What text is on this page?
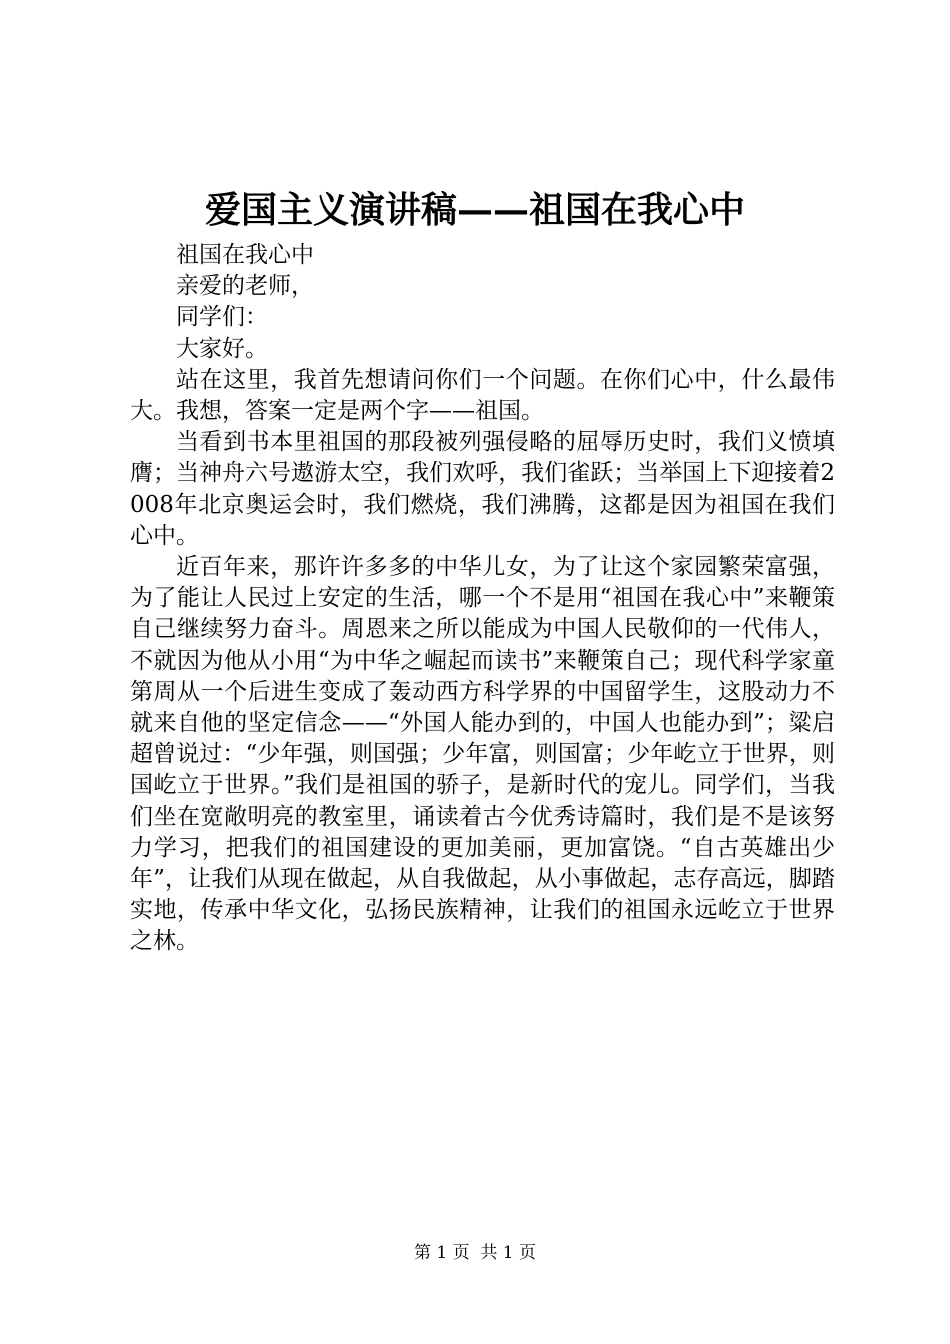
爱国主义演讲稿——祖国在我心中

祖国在我心中

亲爱的老师，

同学们：

大家好。

站在这里，我首先想请问你们一个问题。在你们心中，什么最伟大。我想，答案一定是两个字——祖国。

当看到书本里祖国的那段被列强侵略的屈辱历史时，我们义愤填膺；当神舟六号遨游太空，我们欢呼，我们雀跃；当举国上下迎接着2008年北京奥运会时，我们燃烧，我们沸腾，这都是因为祖国在我们心中。

近百年来，那许许多多的中华儿女，为了让这个家园繁荣富强，为了能让人民过上安定的生活，哪一个不是用“祖国在我心中”来鞭策自己继续努力奋斗。周恩来之所以能成为中国人民敬仰的一代伟人，不就因为他从小用“为中华之崛起而读书”来鞭策自己；现代科学家童第周从一个后进生变成了轰动西方科学界的中国留学生，这股动力不就来自他的坚定信念——“外国人能办到的，中国人也能办到”；粱启超曾说过：“少年强，则国强；少年富，则国富；少年屹立于世界，则国屹立于世界。”我们是祖国的骄子，是新时代的宠儿。同学们，当我们坐在宽敞明亮的教室里，诵读着古今优秀诗篇时，我们是不是该努力学习，把我们的祖国建设的更加美丽，更加富饶。“自古英雄出少年”，让我们从现在做起，从自我做起，从小事做起，志存高远，脚踏实地，传承中华文化，弘扬民族精神，让我们的祖国永远屹立于世界之林。

第 1 页  共 1 页
